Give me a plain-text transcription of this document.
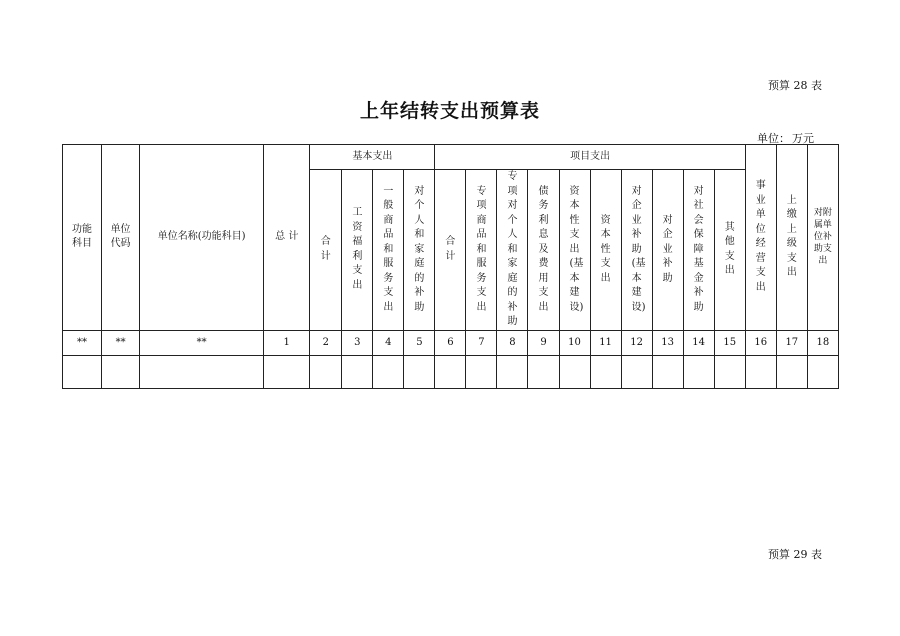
预算 28 表
上年结转支出预算表
单位： 万元
功能科目	单位代码	单位名称(功能科目)	总 计	基本支出				项目支出										事业单位经营支出	上缴上级支出	对附属单位补助支出
				合计	工资福利支出	一般商品和服务支出	对个人和家庭的补助	合计	专项商品和服务支出	专项对个人和家庭的补助	债务利息及费用支出	资本性支出(基本建设)	资本性支出	对企业补助(基本建设)	对企业补助	对社会保障基金补助	其他支出			
**	**	**	1	2	3	4	5	6	7	8	9	10	11	12	13	14	15	16	17	18

预算 29 表
